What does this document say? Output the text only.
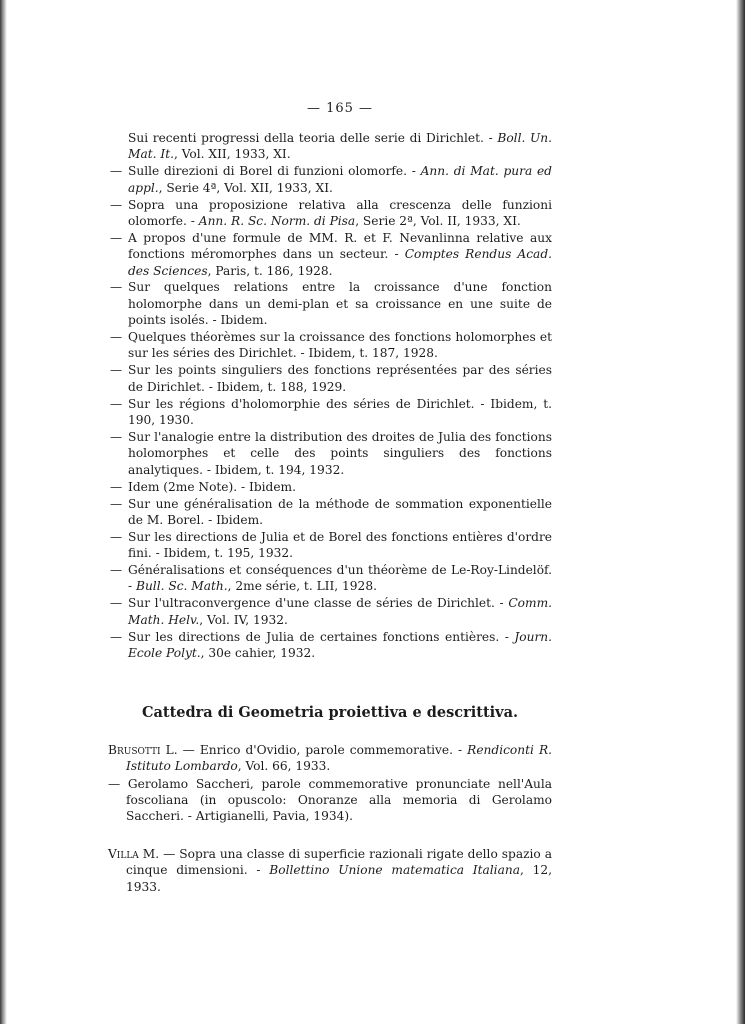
— 165 —
Sui recenti progressi della teoria delle serie di Dirichlet. - Boll. Un. Mat. It., Vol. XII, 1933, XI.
— Sulle direzioni di Borel di funzioni olomorfe. - Ann. di Mat. pura ed appl., Serie 4ª, Vol. XII, 1933, XI.
— Sopra una proposizione relativa alla crescenza delle funzioni olomorfe. - Ann. R. Sc. Norm. di Pisa, Serie 2ª, Vol. II, 1933, XI.
— A propos d'une formule de MM. R. et F. Nevanlinna relative aux fonctions méromorphes dans un secteur. - Comptes Rendus Acad. des Sciences, Paris, t. 186, 1928.
— Sur quelques relations entre la croissance d'une fonction holomorphe dans un demi-plan et sa croissance en une suite de points isolés. - Ibidem.
— Quelques théorèmes sur la croissance des fonctions holomorphes et sur les séries des Dirichlet. - Ibidem, t. 187, 1928.
— Sur les points singuliers des fonctions représentées par des séries de Dirichlet. - Ibidem, t. 188, 1929.
— Sur les régions d'holomorphie des séries de Dirichlet. - Ibidem, t. 190, 1930.
— Sur l'analogie entre la distribution des droites de Julia des fonctions holomorphes et celle des points singuliers des fonctions analytiques. - Ibidem, t. 194, 1932.
— Idem (2me Note). - Ibidem.
— Sur une généralisation de la méthode de sommation exponentielle de M. Borel. - Ibidem.
— Sur les directions de Julia et de Borel des fonctions entières d'ordre fini. - Ibidem, t. 195, 1932.
— Généralisations et conséquences d'un théorème de Le-Roy-Lindelöf. - Bull. Sc. Math., 2me série, t. LII, 1928.
— Sur l'ultraconvergence d'une classe de séries de Dirichlet. - Comm. Math. Helv., Vol. IV, 1932.
— Sur les directions de Julia de certaines fonctions entières. - Journ. Ecole Polyt., 30e cahier, 1932.
Cattedra di Geometria proiettiva e descrittiva.
Brusotti L. — Enrico d'Ovidio, parole commemorative. - Rendiconti R. Istituto Lombardo, Vol. 66, 1933.
— Gerolamo Saccheri, parole commemorative pronunciate nell'Aula foscoliana (in opuscolo: Onoranze alla memoria di Gerolamo Saccheri. - Artigianelli, Pavia, 1934).
Villa M. — Sopra una classe di superficie razionali rigate dello spazio a cinque dimensioni. - Bollettino Unione matematica Italiana, 12, 1933.
